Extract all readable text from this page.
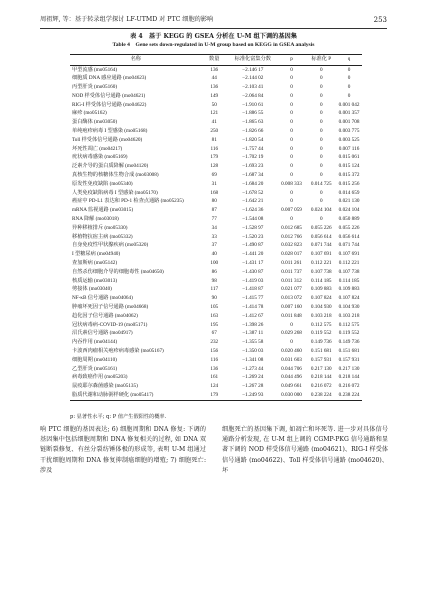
周祖辉, 等：基于转录组学探讨 LF-UTMD 对 PTC 细胞的影响	253
表 4　基于 KEGG 的 GSEA 分析在 U-M 组下调的基因集
Table 4　Gene sets down-regulated in U-M group based on KEGG in GSEA analysis
名称	数量	标准化富集分数	p	标准化 P	q
甲型流感 (mo05164)	136	−2.146 17	0	0	0
细胞质 DNA 感应通路 (mo04623)	44	−2.144 02	0	0	0
丙型肝炎 (mo05160)	136	−2.103 41	0	0	0
NOD 样受体信号通路 (mo04621)	149	−2.064 84	0	0	0
RIG-I 样受体信号通路 (mo04622)	50	−1.910 61	0	0	0.001 042
麻疹 (mo05162)	121	−1.886 55	0	0	0.001 357
蛋白酶体 (mo03050)	41	−1.865 63	0	0	0.001 708
单纯疱疹病毒 I 型感染 (mo05168)	250	−1.826 66	0	0	0.003 775
Toll 样受体信号通路 (mo04620)	81	−1.820 54	0	0	0.003 525
坏死性凋亡 (mo04217)	116	−1.757 44	0	0	0.007 116
疣状病毒感染 (mo05169)	179	−1.702 19	0	0	0.015 061
泛素介导的蛋白质降解 (mo04120)	128	−1.693 23	0	0	0.015 124
真核生物的核糖体生物合成 (mo03008)	69	−1.687 34	0	0	0.015 372
原发性免疫缺陷 (mo05340)	31	−1.684 20	0.008 333	0.014 725	0.015 256
人类免疫缺陷病毒 I 型感染 (mo05170)	168	−1.678 52	0	0	0.014 659
癌症中 PD-L1 表达和 PD-1 检查点通路 (mo05235)	80	−1.642 21	0	0	0.021 130
mRNA 监视通路 (mo03015)	87	−1.624 36	0.007 059	0.024 104	0.024 104
RNA 降解 (mo03018)	77	−1.544 08	0	0	0.050 889
异种移植排斥 (mo05330)	34	−1.528 97	0.012 685	0.055 226	0.055 226
移植物抗宿主病 (mo05332)	33	−1.520 23	0.012 766	0.056 614	0.056 614
自身免疫性甲状腺疾病 (mo05320)	37	−1.490 87	0.032 823	0.071 744	0.071 744
I 型糖尿病 (mo04940)	40	−1.441 20	0.028 017	0.107 691	0.107 691
查加斯病 (mo05142)	100	−1.431 17	0.011 261	0.112 221	0.112 221
自然杀伤细胞介导的细胞毒性 (mo04650)	86	−1.430 87	0.011 737	0.107 738	0.107 738
核质运输 (mo03013)	98	−1.419 03	0.011 312	0.114 185	0.114 185
剪接体 (mo03040)	117	−1.418 87	0.021 077	0.109 883	0.109 883
NF-κB 信号通路 (mo04064)	90	−1.415 77	0.013 072	0.107 824	0.107 824
肿瘤坏死因子信号通路 (mo04668)	105	−1.414 78	0.007 160	0.104 930	0.104 930
趋化因子信号通路 (mo04062)	163	−1.412 67	0.011 848	0.103 218	0.103 218
冠状病毒病-COVID-19 (mo05171)	195	−1.398 26	0	0.112 575	0.112 575
沼氏素信号通路 (mo04917)	67	−1.387 11	0.029 268	0.119 552	0.119 552
内吞作用 (mo04144)	232	−1.355 58	0	0.149 736	0.149 736
卡波西肉瘤相关疱疹病毒感染 (mo05167)	156	−1.350 03	0.020 460	0.151 681	0.151 681
细胞周期 (mo04110)	116	−1.341 08	0.031 603	0.157 931	0.157 931
乙型肝炎 (mo05161)	136	−1.273 44	0.044 706	0.217 130	0.217 130
病毒致癌作用 (mo05203)	161	−1.269 24	0.044 496	0.218 144	0.218 144
鼠疫耶尔森菌感染 (mo05135)	124	−1.267 28	0.049 661	0.216 072	0.216 072
脂质代谢和动脉粥样硬化 (mo05417)	179	−1.249 93	0.030 000	0.238 224	0.238 224
p: 显著性水平; q: P 值产生假阳性的概率.
响 PTC 细胞的基因表达; 6) 细胞周期和 DNA 修复: 下调的基因集中包括细胞周期和 DNA 修复相关的过程, 如 DNA 双链断裂修复、有丝分裂纺锤体极的形成等, 表明 U-M 组通过干扰细胞周期和 DNA 修复抑制癌细胞的增殖; 7) 细胞死亡: 涉及
细胞死亡的基因集下调, 如凋亡和坏死等. 进一步对具体信号通路分析发现, 在 U-M 组上调的 CGMP-PKG 信号通路和显著下调的 NOD 样受体信号通路 (mo04621)、RIG-I 样受体信号通路 (mo04622)、Toll 样受体信号通路 (mo04620)、坏
